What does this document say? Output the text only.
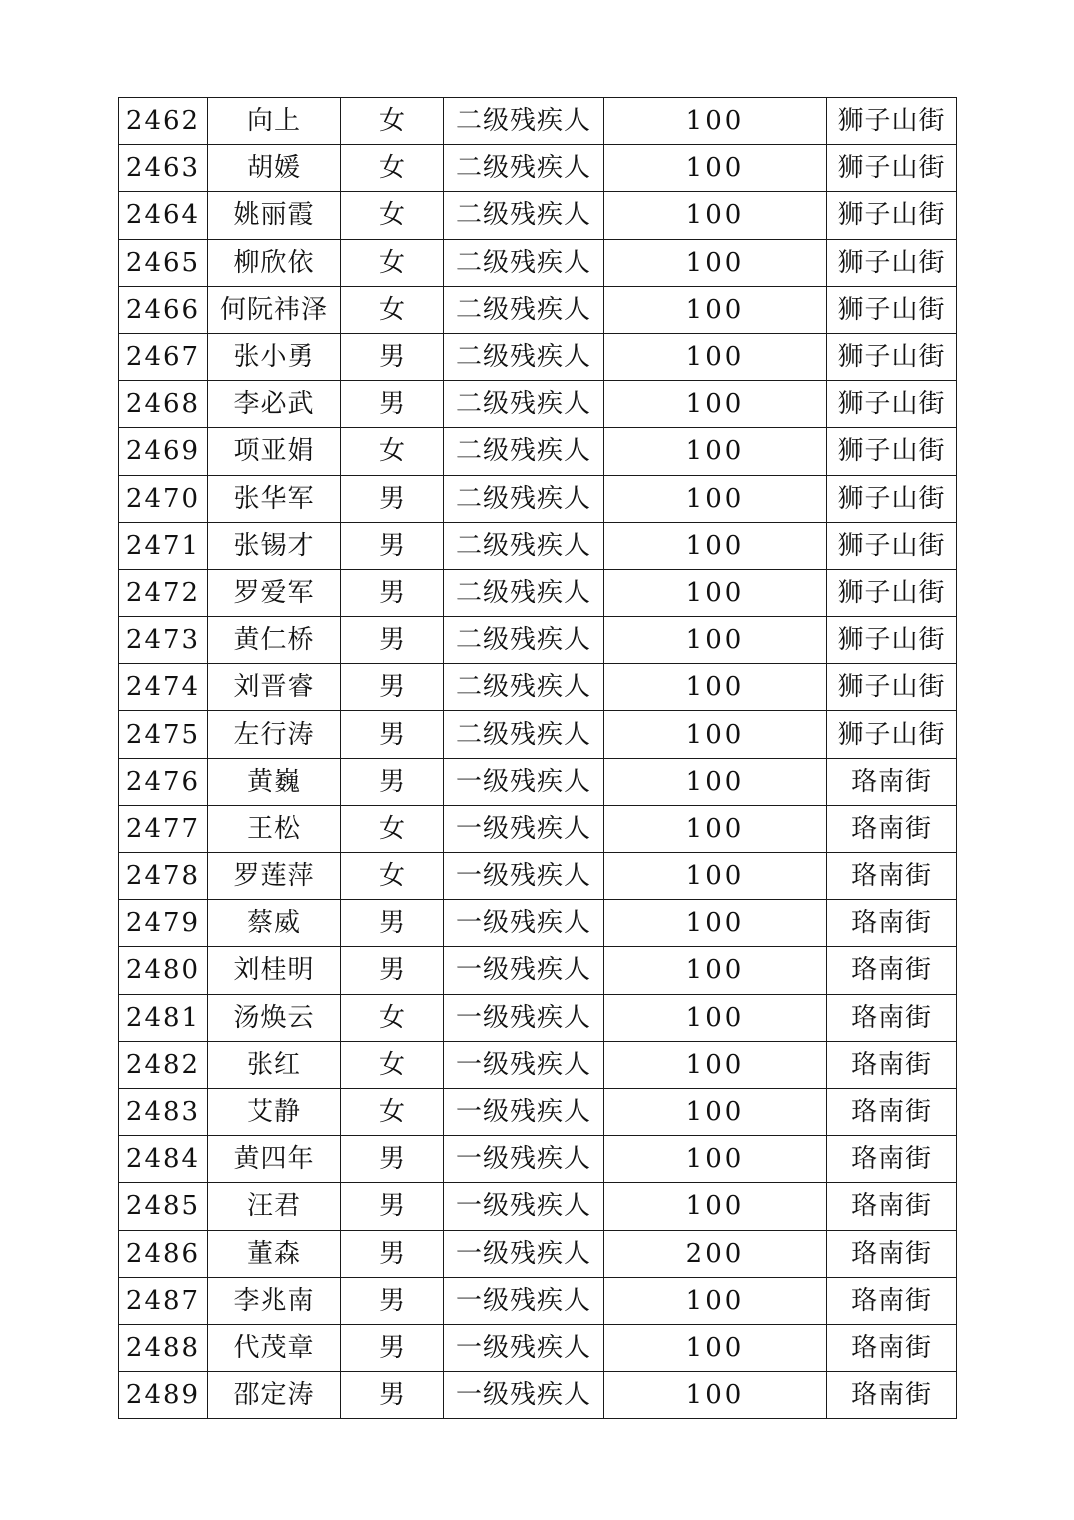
2462	向上	女	二级残疾人	100	狮子山街
2463	胡媛	女	二级残疾人	100	狮子山街
2464	姚丽霞	女	二级残疾人	100	狮子山街
2465	柳欣依	女	二级残疾人	100	狮子山街
2466	何阮祎泽	女	二级残疾人	100	狮子山街
2467	张小勇	男	二级残疾人	100	狮子山街
2468	李必武	男	二级残疾人	100	狮子山街
2469	项亚娟	女	二级残疾人	100	狮子山街
2470	张华军	男	二级残疾人	100	狮子山街
2471	张锡才	男	二级残疾人	100	狮子山街
2472	罗爱军	男	二级残疾人	100	狮子山街
2473	黄仁桥	男	二级残疾人	100	狮子山街
2474	刘晋睿	男	二级残疾人	100	狮子山街
2475	左行涛	男	二级残疾人	100	狮子山街
2476	黄巍	男	一级残疾人	100	珞南街
2477	王松	女	一级残疾人	100	珞南街
2478	罗莲萍	女	一级残疾人	100	珞南街
2479	蔡威	男	一级残疾人	100	珞南街
2480	刘桂明	男	一级残疾人	100	珞南街
2481	汤焕云	女	一级残疾人	100	珞南街
2482	张红	女	一级残疾人	100	珞南街
2483	艾静	女	一级残疾人	100	珞南街
2484	黄四年	男	一级残疾人	100	珞南街
2485	汪君	男	一级残疾人	100	珞南街
2486	董森	男	一级残疾人	200	珞南街
2487	李兆南	男	一级残疾人	100	珞南街
2488	代茂章	男	一级残疾人	100	珞南街
2489	邵定涛	男	一级残疾人	100	珞南街
